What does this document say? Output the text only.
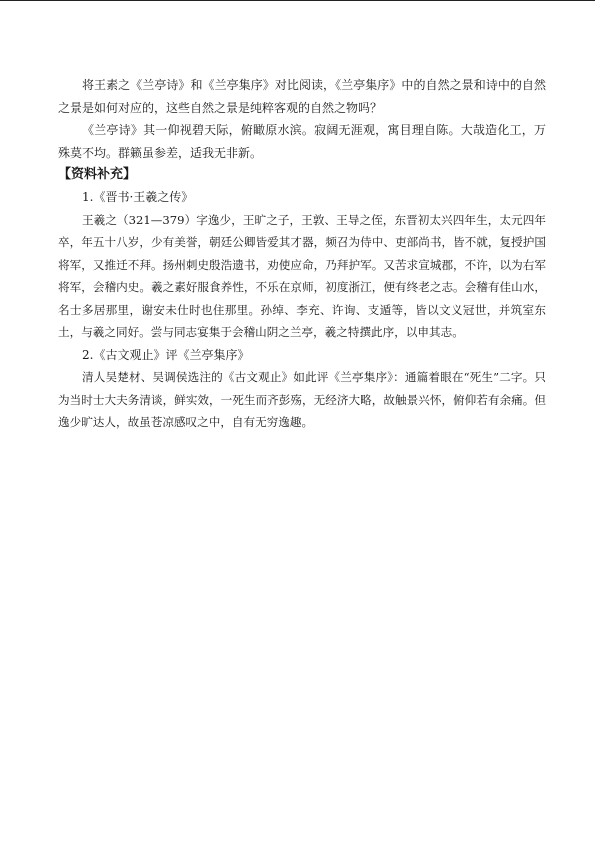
将王素之《兰亭诗》和《兰亭集序》对比阅读，《兰亭集序》中的自然之景和诗中的自然之景是如何对应的，这些自然之景是纯粹客观的自然之物吗？

《兰亭诗》其一仰视碧天际，俯瞰原水滨。寂阔无涯观，寓目理自陈。大哉造化工，万殊莫不均。群籁虽参差，适我无非新。

【资料补充】

1.《晋书·王羲之传》

王羲之（321—379）字逸少，王旷之子，王敦、王导之侄，东晋初太兴四年生，太元四年卒，年五十八岁，少有美誉，朝廷公卿皆爱其才器，频召为侍中、吏部尚书，皆不就，复授护国将军，又推迁不拜。扬州刺史殷浩遗书，劝使应命，乃拜护军。又苦求宣城郡，不许，以为右军将军，会稽内史。羲之素好服食养性，不乐在京师，初度浙江，便有终老之志。会稽有佳山水，名士多居那里，谢安未仕时也住那里。孙绰、李充、许询、支遁等，皆以文义冠世，并筑室东土，与羲之同好。尝与同志宴集于会稽山阴之兰亭，羲之特撰此序，以申其志。

2.《古文观止》评《兰亭集序》

清人吴楚材、吴调侯选注的《古文观止》如此评《兰亭集序》：通篇着眼在“死生”二字。只为当时士大夫务清谈，鲜实效，一死生而齐彭殇，无经济大略，故触景兴怀，俯仰若有余痛。但逸少旷达人，故虽苍凉感叹之中，自有无穷逸趣。
